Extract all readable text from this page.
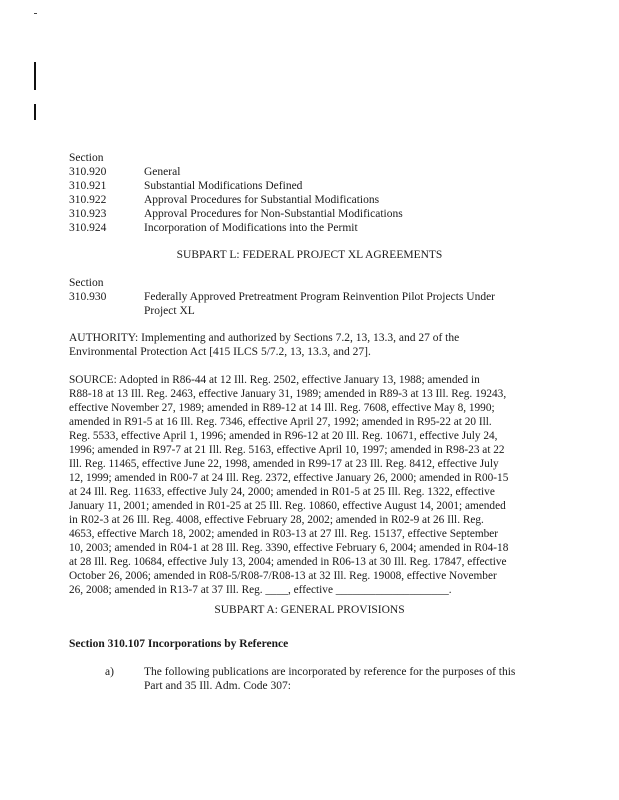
Section
310.920	General
310.921	Substantial Modifications Defined
310.922	Approval Procedures for Substantial Modifications
310.923	Approval Procedures for Non-Substantial Modifications
310.924	Incorporation of Modifications into the Permit
SUBPART L: FEDERAL PROJECT XL AGREEMENTS
Section
310.930	Federally Approved Pretreatment Program Reinvention Pilot Projects Under
Project XL
AUTHORITY: Implementing and authorized by Sections 7.2, 13, 13.3, and 27 of the
Environmental Protection Act [415 ILCS 5/7.2, 13, 13.3, and 27].
SOURCE: Adopted in R86-44 at 12 Ill. Reg. 2502, effective January 13, 1988; amended in
R88-18 at 13 Ill. Reg. 2463, effective January 31, 1989; amended in R89-3 at 13 Ill. Reg. 19243,
effective November 27, 1989; amended in R89-12 at 14 Ill. Reg. 7608, effective May 8, 1990;
amended in R91-5 at 16 Ill. Reg. 7346, effective April 27, 1992; amended in R95-22 at 20 Ill.
Reg. 5533, effective April 1, 1996; amended in R96-12 at 20 Ill. Reg. 10671, effective July 24,
1996; amended in R97-7 at 21 Ill. Reg. 5163, effective April 10, 1997; amended in R98-23 at 22
Ill. Reg. 11465, effective June 22, 1998, amended in R99-17 at 23 Ill. Reg. 8412, effective July
12, 1999; amended in R00-7 at 24 Ill. Reg. 2372, effective January 26, 2000; amended in R00-15
at 24 Ill. Reg. 11633, effective July 24, 2000; amended in R01-5 at 25 Ill. Reg. 1322, effective
January 11, 2001; amended in R01-25 at 25 Ill. Reg. 10860, effective August 14, 2001; amended
in R02-3 at 26 Ill. Reg. 4008, effective February 28, 2002; amended in R02-9 at 26 Ill. Reg.
4653, effective March 18, 2002; amended in R03-13 at 27 Ill. Reg. 15137, effective September
10, 2003; amended in R04-1 at 28 Ill. Reg. 3390, effective February 6, 2004; amended in R04-18
at 28 Ill. Reg. 10684, effective July 13, 2004; amended in R06-13 at 30 Ill. Reg. 17847, effective
October 26, 2006; amended in R08-5/R08-7/R08-13 at 32 Ill. Reg. 19008, effective November
26, 2008; amended in R13-7 at 37 Ill. Reg. ____, effective ____________________.
SUBPART A: GENERAL PROVISIONS
Section 310.107 Incorporations by Reference
a)	The following publications are incorporated by reference for the purposes of this
Part and 35 Ill. Adm. Code 307:
